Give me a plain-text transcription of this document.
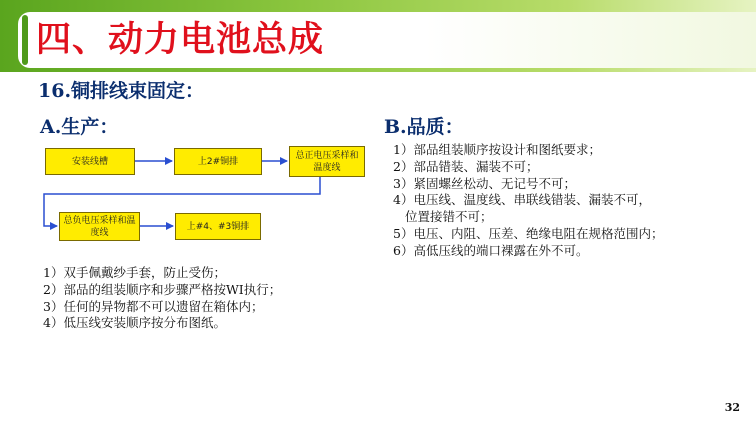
四、动力电池总成
16.铜排线束固定：
A.生产：	B.品质：
安装线槽	上2#铜排
总正电压采样和温度线
总负电压采样和温度线
上#4、#3铜排
1）双手佩戴纱手套，防止受伤；
2）部品的组装顺序和步骤严格按WI执行；
3）任何的异物都不可以遗留在箱体内；
4）低压线安装顺序按分布图纸。
1）部品组装顺序按设计和图纸要求；
2）部品错装、漏装不可；
3）紧固螺丝松动、无记号不可；
4）电压线、温度线、串联线错装、漏装不可，
位置接错不可；
5）电压、内阻、压差、绝缘电阻在规格范围内；
6）高低压线的端口裸露在外不可。
32
